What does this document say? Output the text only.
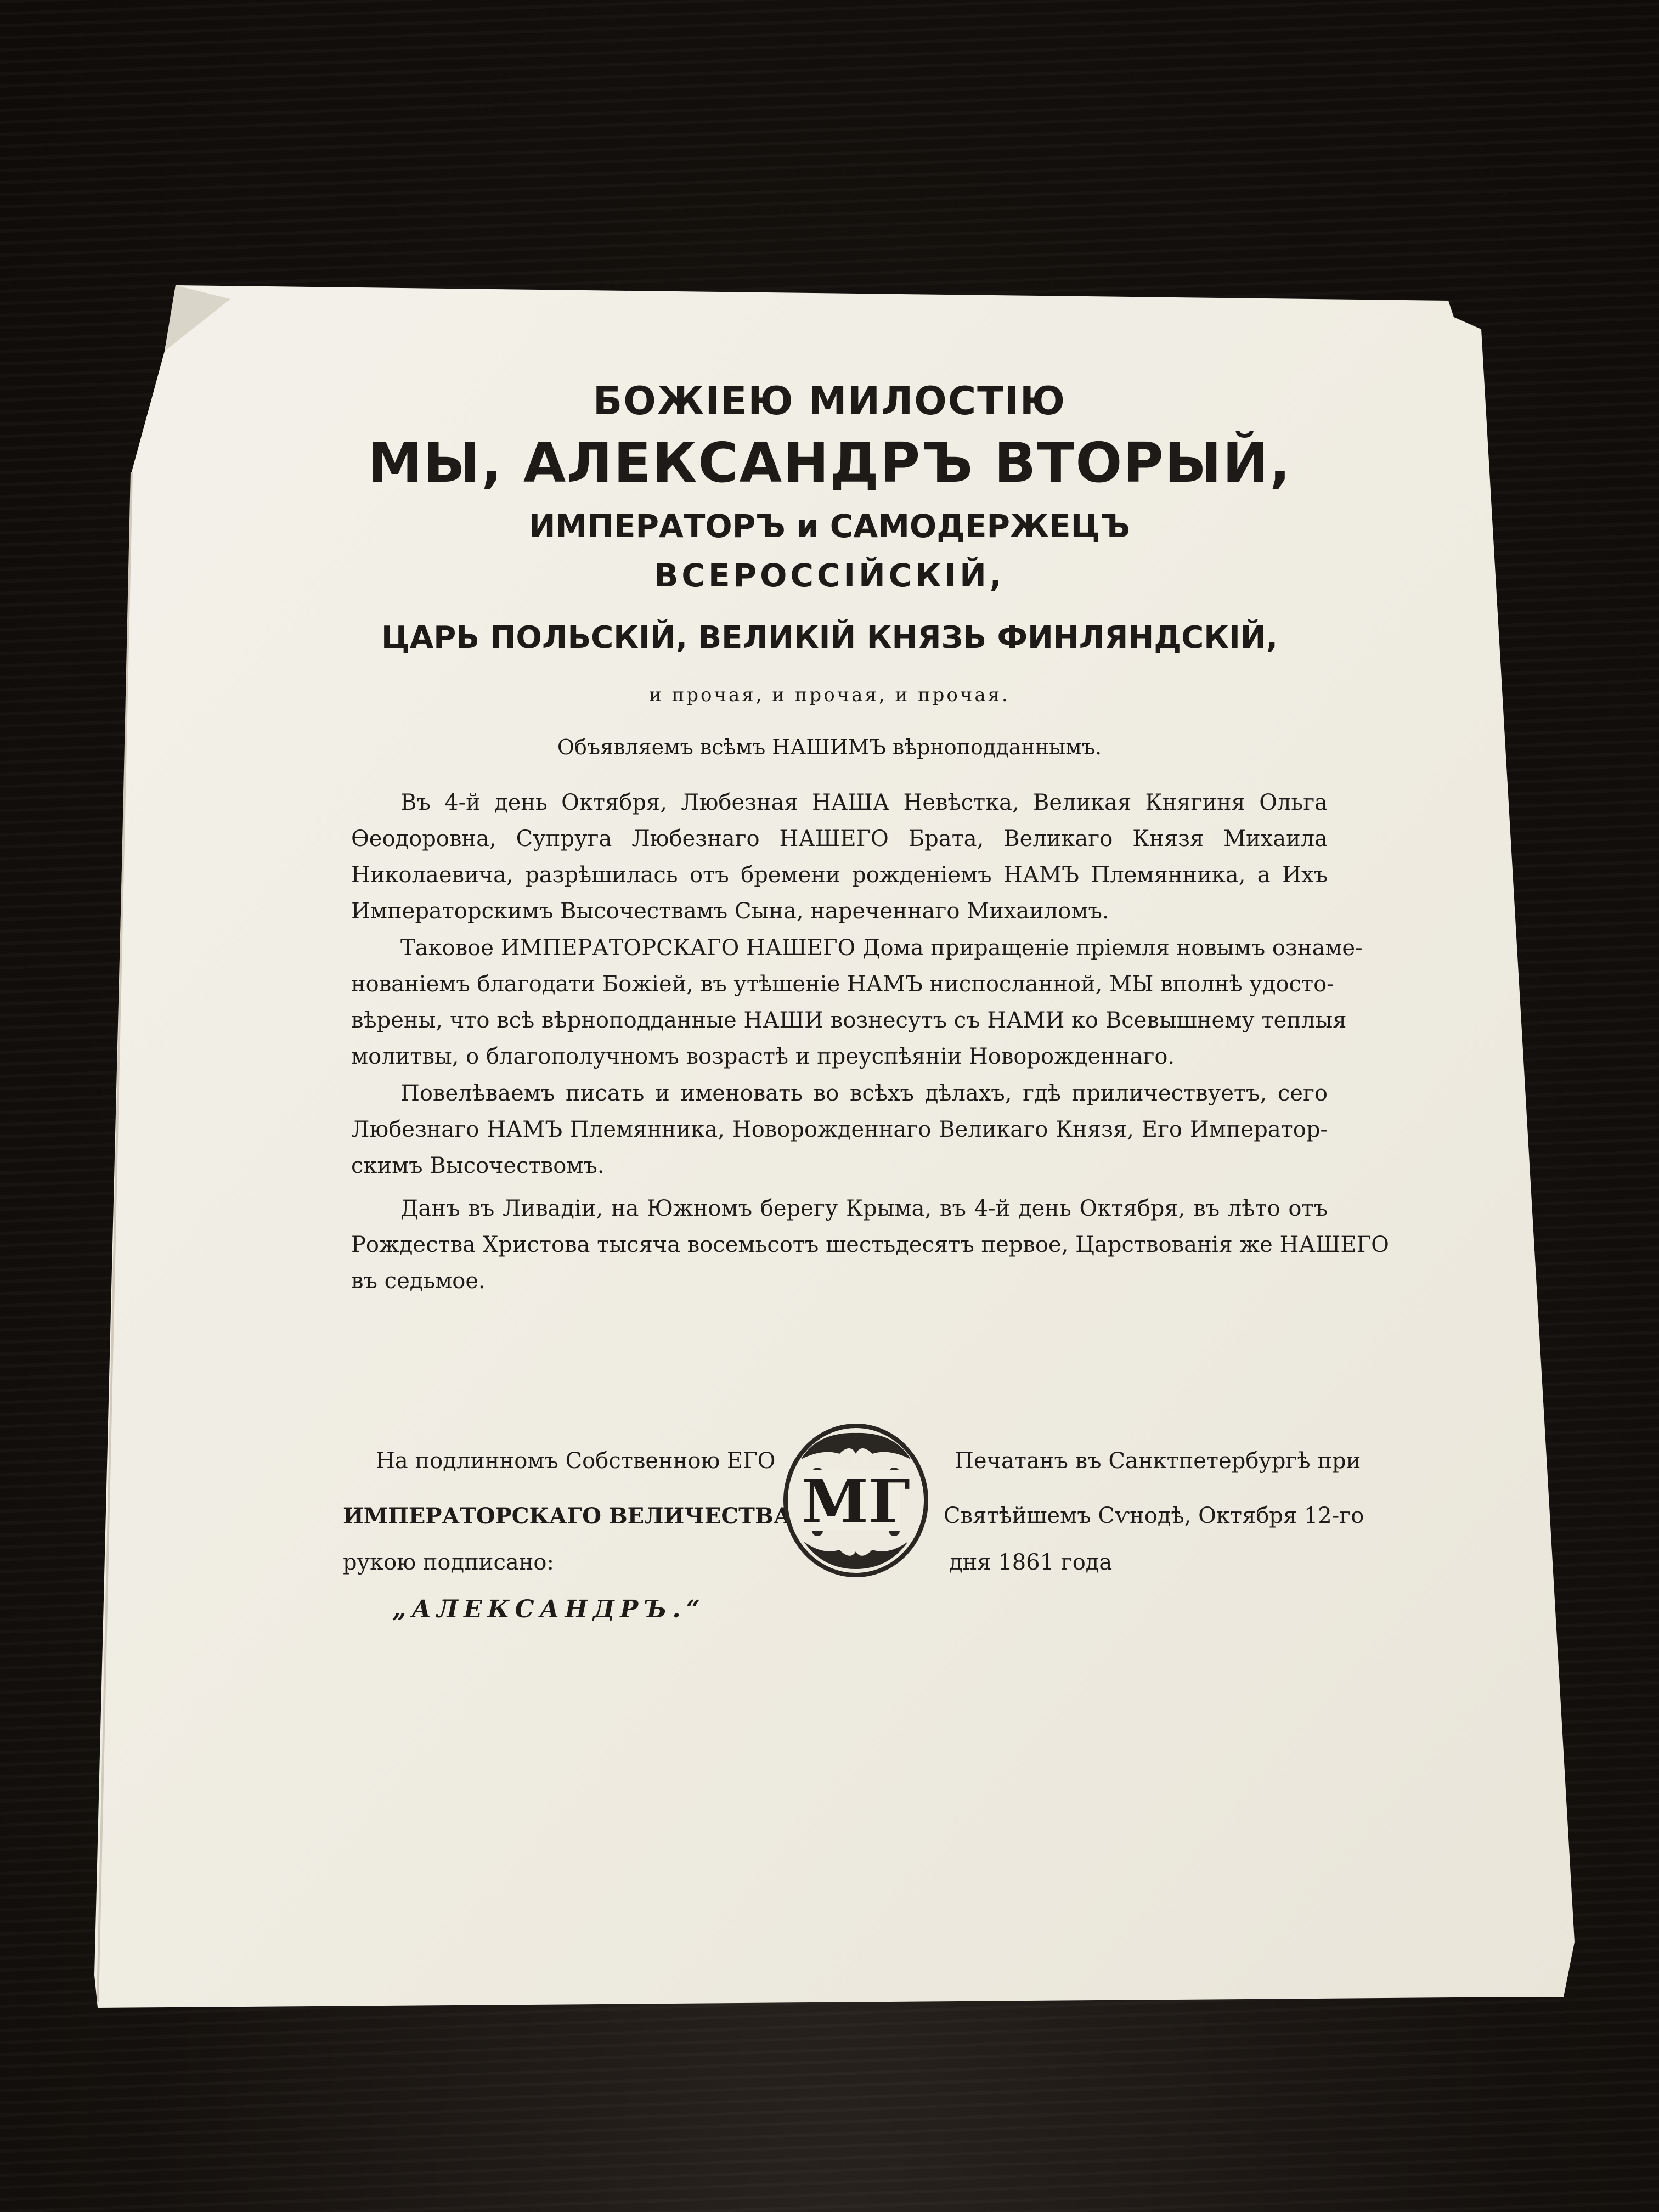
БОЖІЕЮ МИЛОСТІЮ
МЫ, АЛЕКСАНДРЪ ВТОРЫЙ,
ИМПЕРАТОРЪ и САМОДЕРЖЕЦЪ
ВСЕРОССІЙСКІЙ,
ЦАРЬ ПОЛЬСКІЙ, ВЕЛИКІЙ КНЯЗЬ ФИНЛЯНДСКІЙ,
и прочая, и прочая, и прочая.
Объявляемъ всѣмъ НАШИМЪ вѣрноподданнымъ.
Въ 4-й день Октября, Любезная НАША Невѣстка, Великая Княгиня Ольга
Ѳеодоровна, Супруга Любезнаго НАШЕГО Брата, Великаго Князя Михаила
Николаевича, разрѣшилась отъ бремени рожденіемъ НАМЪ Племянника, а Ихъ
Императорскимъ Высочествамъ Сына, нареченнаго Михаиломъ.
Таковое ИМПЕРАТОРСКАГО НАШЕГО Дома приращеніе пріемля новымъ ознаме-
нованіемъ благодати Божіей, въ утѣшеніе НАМЪ ниспосланной, МЫ вполнѣ удосто-
вѣрены, что всѣ вѣрноподданные НАШИ вознесутъ съ НАМИ ко Всевышнему теплыя
молитвы, о благополучномъ возрастѣ и преуспѣяніи Новорожденнаго.
Повелѣваемъ писать и именовать во всѣхъ дѣлахъ, гдѣ приличествуетъ, сего
Любезнаго НАМЪ Племянника, Новорожденнаго Великаго Князя, Его Император-
скимъ Высочествомъ.
Данъ въ Ливадіи, на Южномъ берегу Крыма, въ 4-й день Октября, въ лѣто отъ
Рождества Христова тысяча восемьсотъ шестьдесятъ первое, Царствованія же НАШЕГО
въ седьмое.
На подлинномъ Собственною ЕГО
ИМПЕРАТОРСКАГО ВЕЛИЧЕСТВА
рукою подписано:
„АЛЕКСАНДРЪ.“
МГ
Печатанъ въ Санктпетербургѣ при
Святѣйшемъ Сѵнодѣ, Октября 12-го
дня 1861 года
